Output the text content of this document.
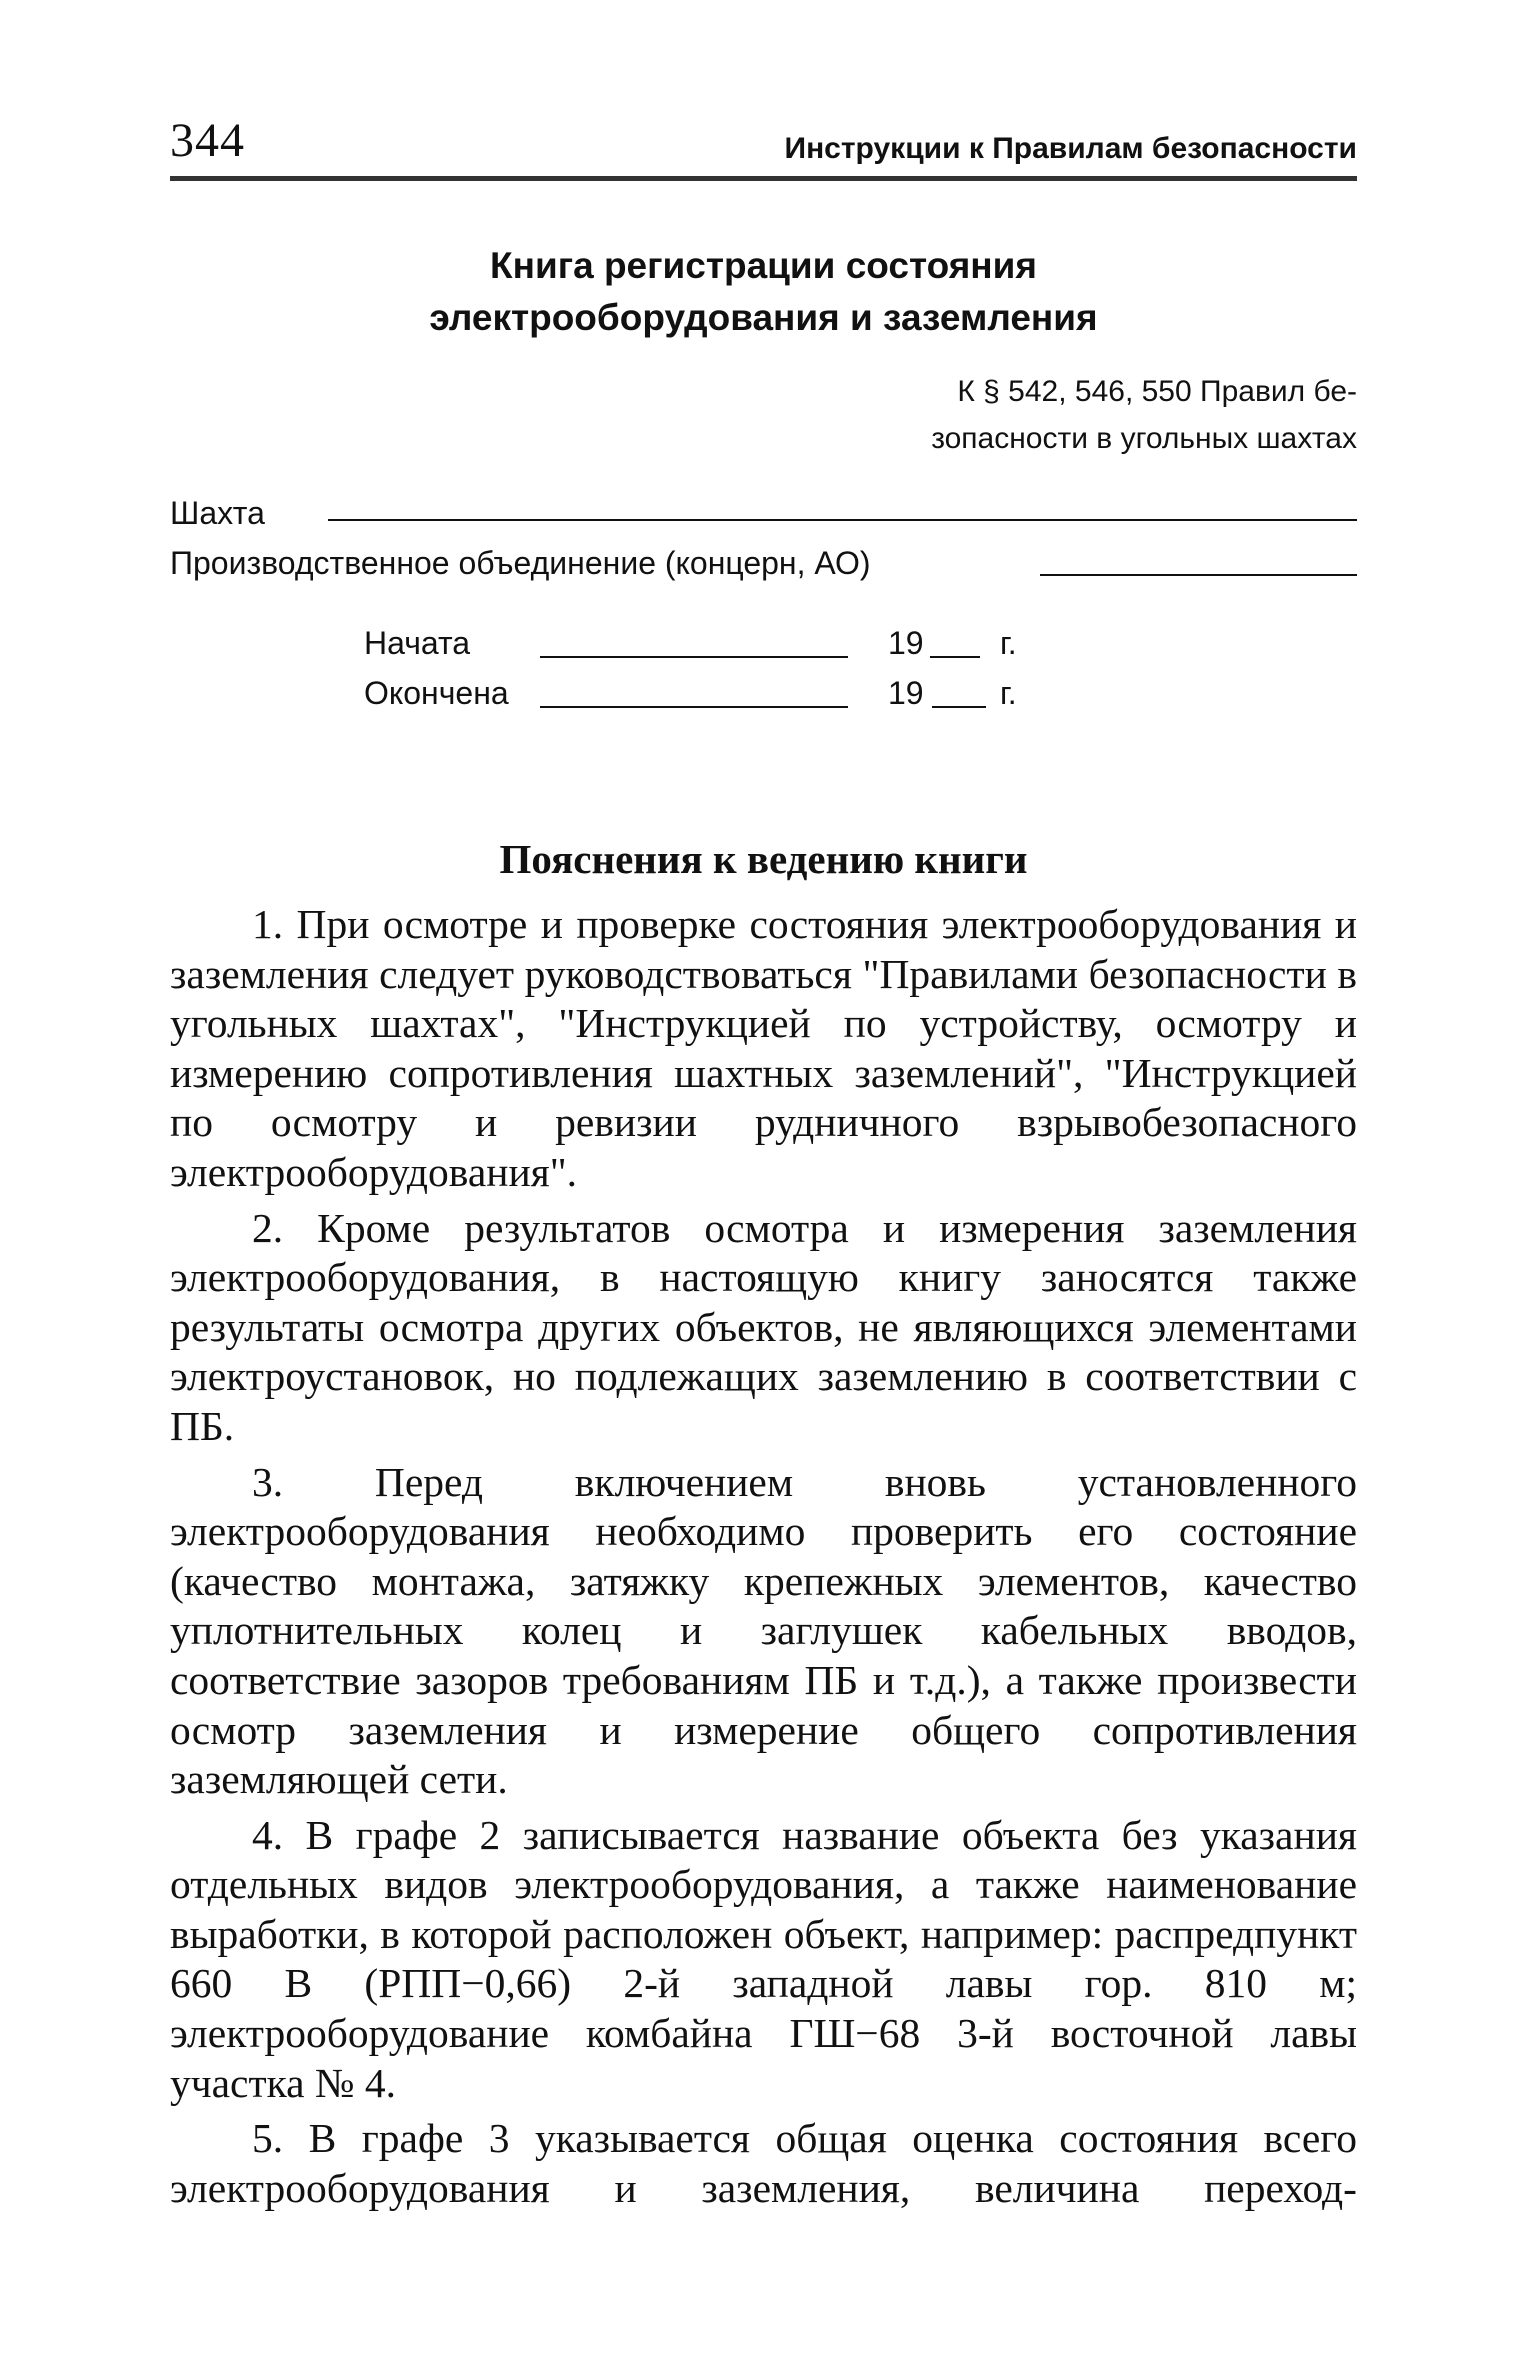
344	Инструкции к Правилам безопасности
Книга регистрации состояния
электрооборудования и заземления
К § 542, 546, 550 Правил бе-
зопасности в угольных шахтах
Шахта
Производственное объединение (концерн, АО)
Начата	19 г.
Окончена	19 г.
Пояснения к ведению книги

1. При осмотре и проверке состояния электрооборудования и заземления следует руководствоваться "Правилами безопасности в угольных шахтах", "Инструкцией по устройству, осмотру и измерению сопротивления шахтных заземлений", "Инструкцией по осмотру и ревизии рудничного взрывобезопасного электрооборудования".

2. Кроме результатов осмотра и измерения заземления электрооборудования, в настоящую книгу заносятся также результаты осмотра других объектов, не являющихся элементами электроустановок, но подлежащих заземлению в соответствии с ПБ.

3. Перед включением вновь установленного электрооборудования необходимо проверить его состояние (качество монтажа, затяжку крепежных элементов, качество уплотнительных колец и заглушек кабельных вводов, соответствие зазоров требованиям ПБ и т.д.), а также произвести осмотр заземления и измерение общего сопротивления заземляющей сети.

4. В графе 2 записывается название объекта без указания отдельных видов электрооборудования, а также наименование выработки, в которой расположен объект, например: распредпункт 660 В (РПП−0,66) 2-й западной лавы гор. 810 м; электрооборудование комбайна ГШ−68 3-й восточной лавы участка № 4.

5. В графе 3 указывается общая оценка состояния всего электрооборудования и заземления, величина переход-
